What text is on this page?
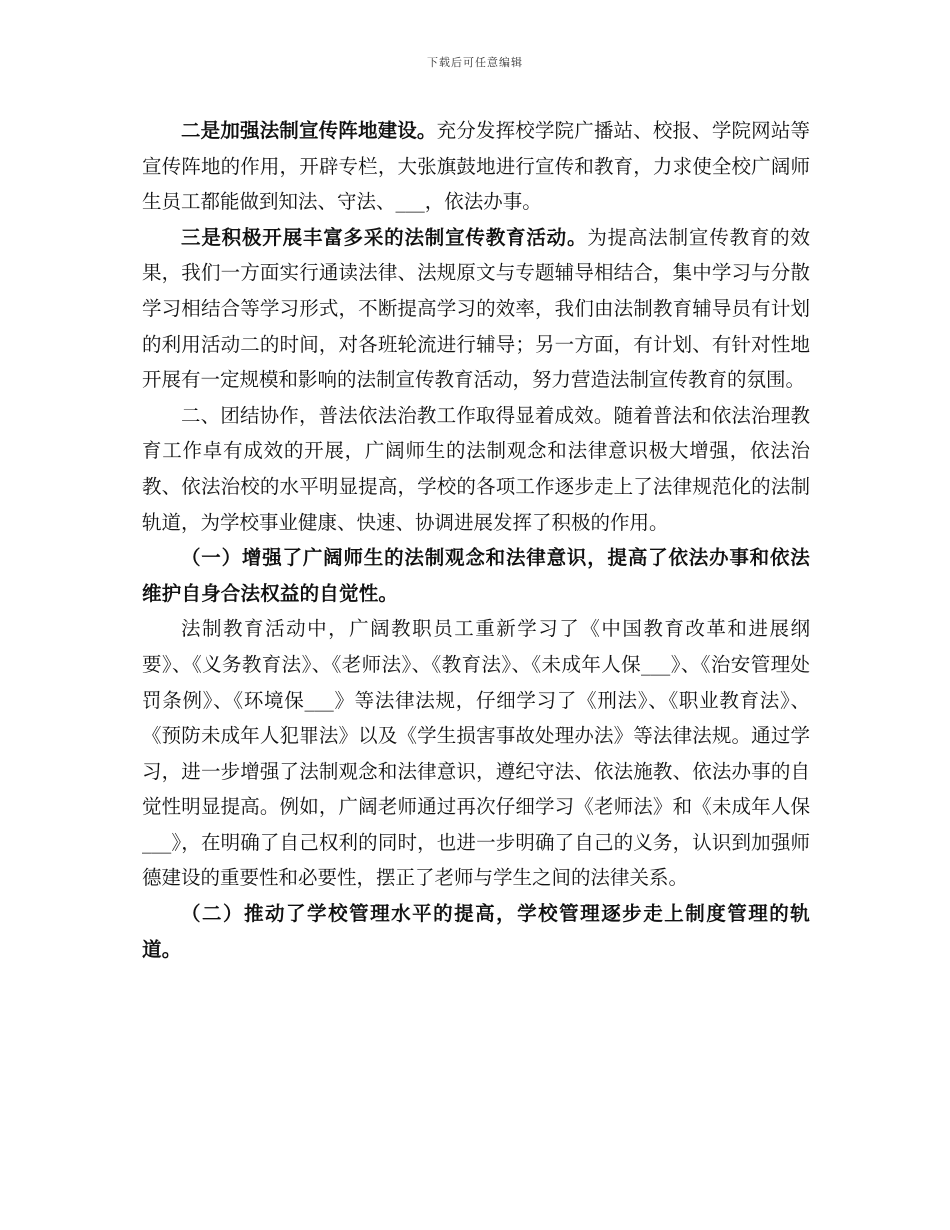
下载后可任意编辑

二是加强法制宣传阵地建设。充分发挥校学院广播站、校报、学院网站等宣传阵地的作用，开辟专栏，大张旗鼓地进行宣传和教育，力求使全校广阔师生员工都能做到知法、守法、___，依法办事。

三是积极开展丰富多采的法制宣传教育活动。为提高法制宣传教育的效果，我们一方面实行通读法律、法规原文与专题辅导相结合，集中学习与分散学习相结合等学习形式，不断提高学习的效率，我们由法制教育辅导员有计划的利用活动二的时间，对各班轮流进行辅导；另一方面，有计划、有针对性地开展有一定规模和影响的法制宣传教育活动，努力营造法制宣传教育的氛围。

二、团结协作，普法依法治教工作取得显着成效。随着普法和依法治理教育工作卓有成效的开展，广阔师生的法制观念和法律意识极大增强，依法治教、依法治校的水平明显提高，学校的各项工作逐步走上了法律规范化的法制轨道，为学校事业健康、快速、协调进展发挥了积极的作用。

（一）增强了广阔师生的法制观念和法律意识，提高了依法办事和依法维护自身合法权益的自觉性。

法制教育活动中，广阔教职员工重新学习了《中国教育改革和进展纲要》、《义务教育法》、《老师法》、《教育法》、《未成年人保___》、《治安管理处罚条例》、《环境保___》等法律法规，仔细学习了《刑法》、《职业教育法》、《预防未成年人犯罪法》以及《学生损害事故处理办法》等法律法规。通过学习，进一步增强了法制观念和法律意识，遵纪守法、依法施教、依法办事的自觉性明显提高。例如，广阔老师通过再次仔细学习《老师法》和《未成年人保___》，在明确了自己权利的同时，也进一步明确了自己的义务，认识到加强师德建设的重要性和必要性，摆正了老师与学生之间的法律关系。

（二）推动了学校管理水平的提高，学校管理逐步走上制度管理的轨道。
